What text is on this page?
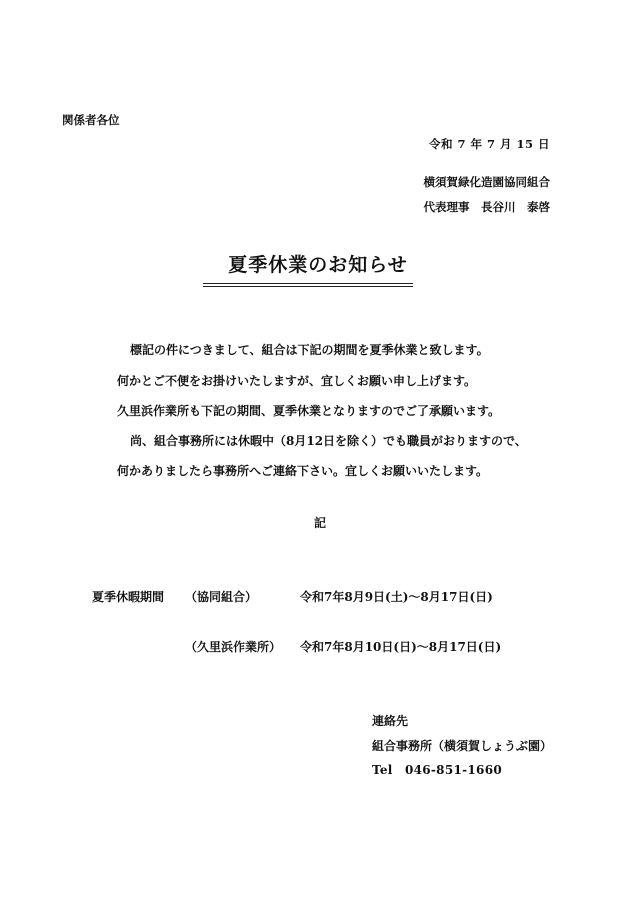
関係者各位
令和 7 年 7 月 15 日
横須賀緑化造園協同組合
代表理事　長谷川　泰啓
夏季休業のお知らせ
標記の件につきまして、組合は下記の期間を夏季休業と致します。
何かとご不便をお掛けいたしますが、宜しくお願い申し上げます。
久里浜作業所も下記の期間、夏季休業となりますのでご了承願います。
尚、組合事務所には休暇中（8月12日を除く）でも職員がおりますので、
何かありましたら事務所へご連絡下さい。宜しくお願いいたします。
記
夏季休暇期間 （協同組合）	令和7年8月9日(土)～8月17日(日)
（久里浜作業所） 令和7年8月10日(日)～8月17日(日)
連絡先
組合事務所（横須賀しょうぶ園）
Tel　046-851-1660
